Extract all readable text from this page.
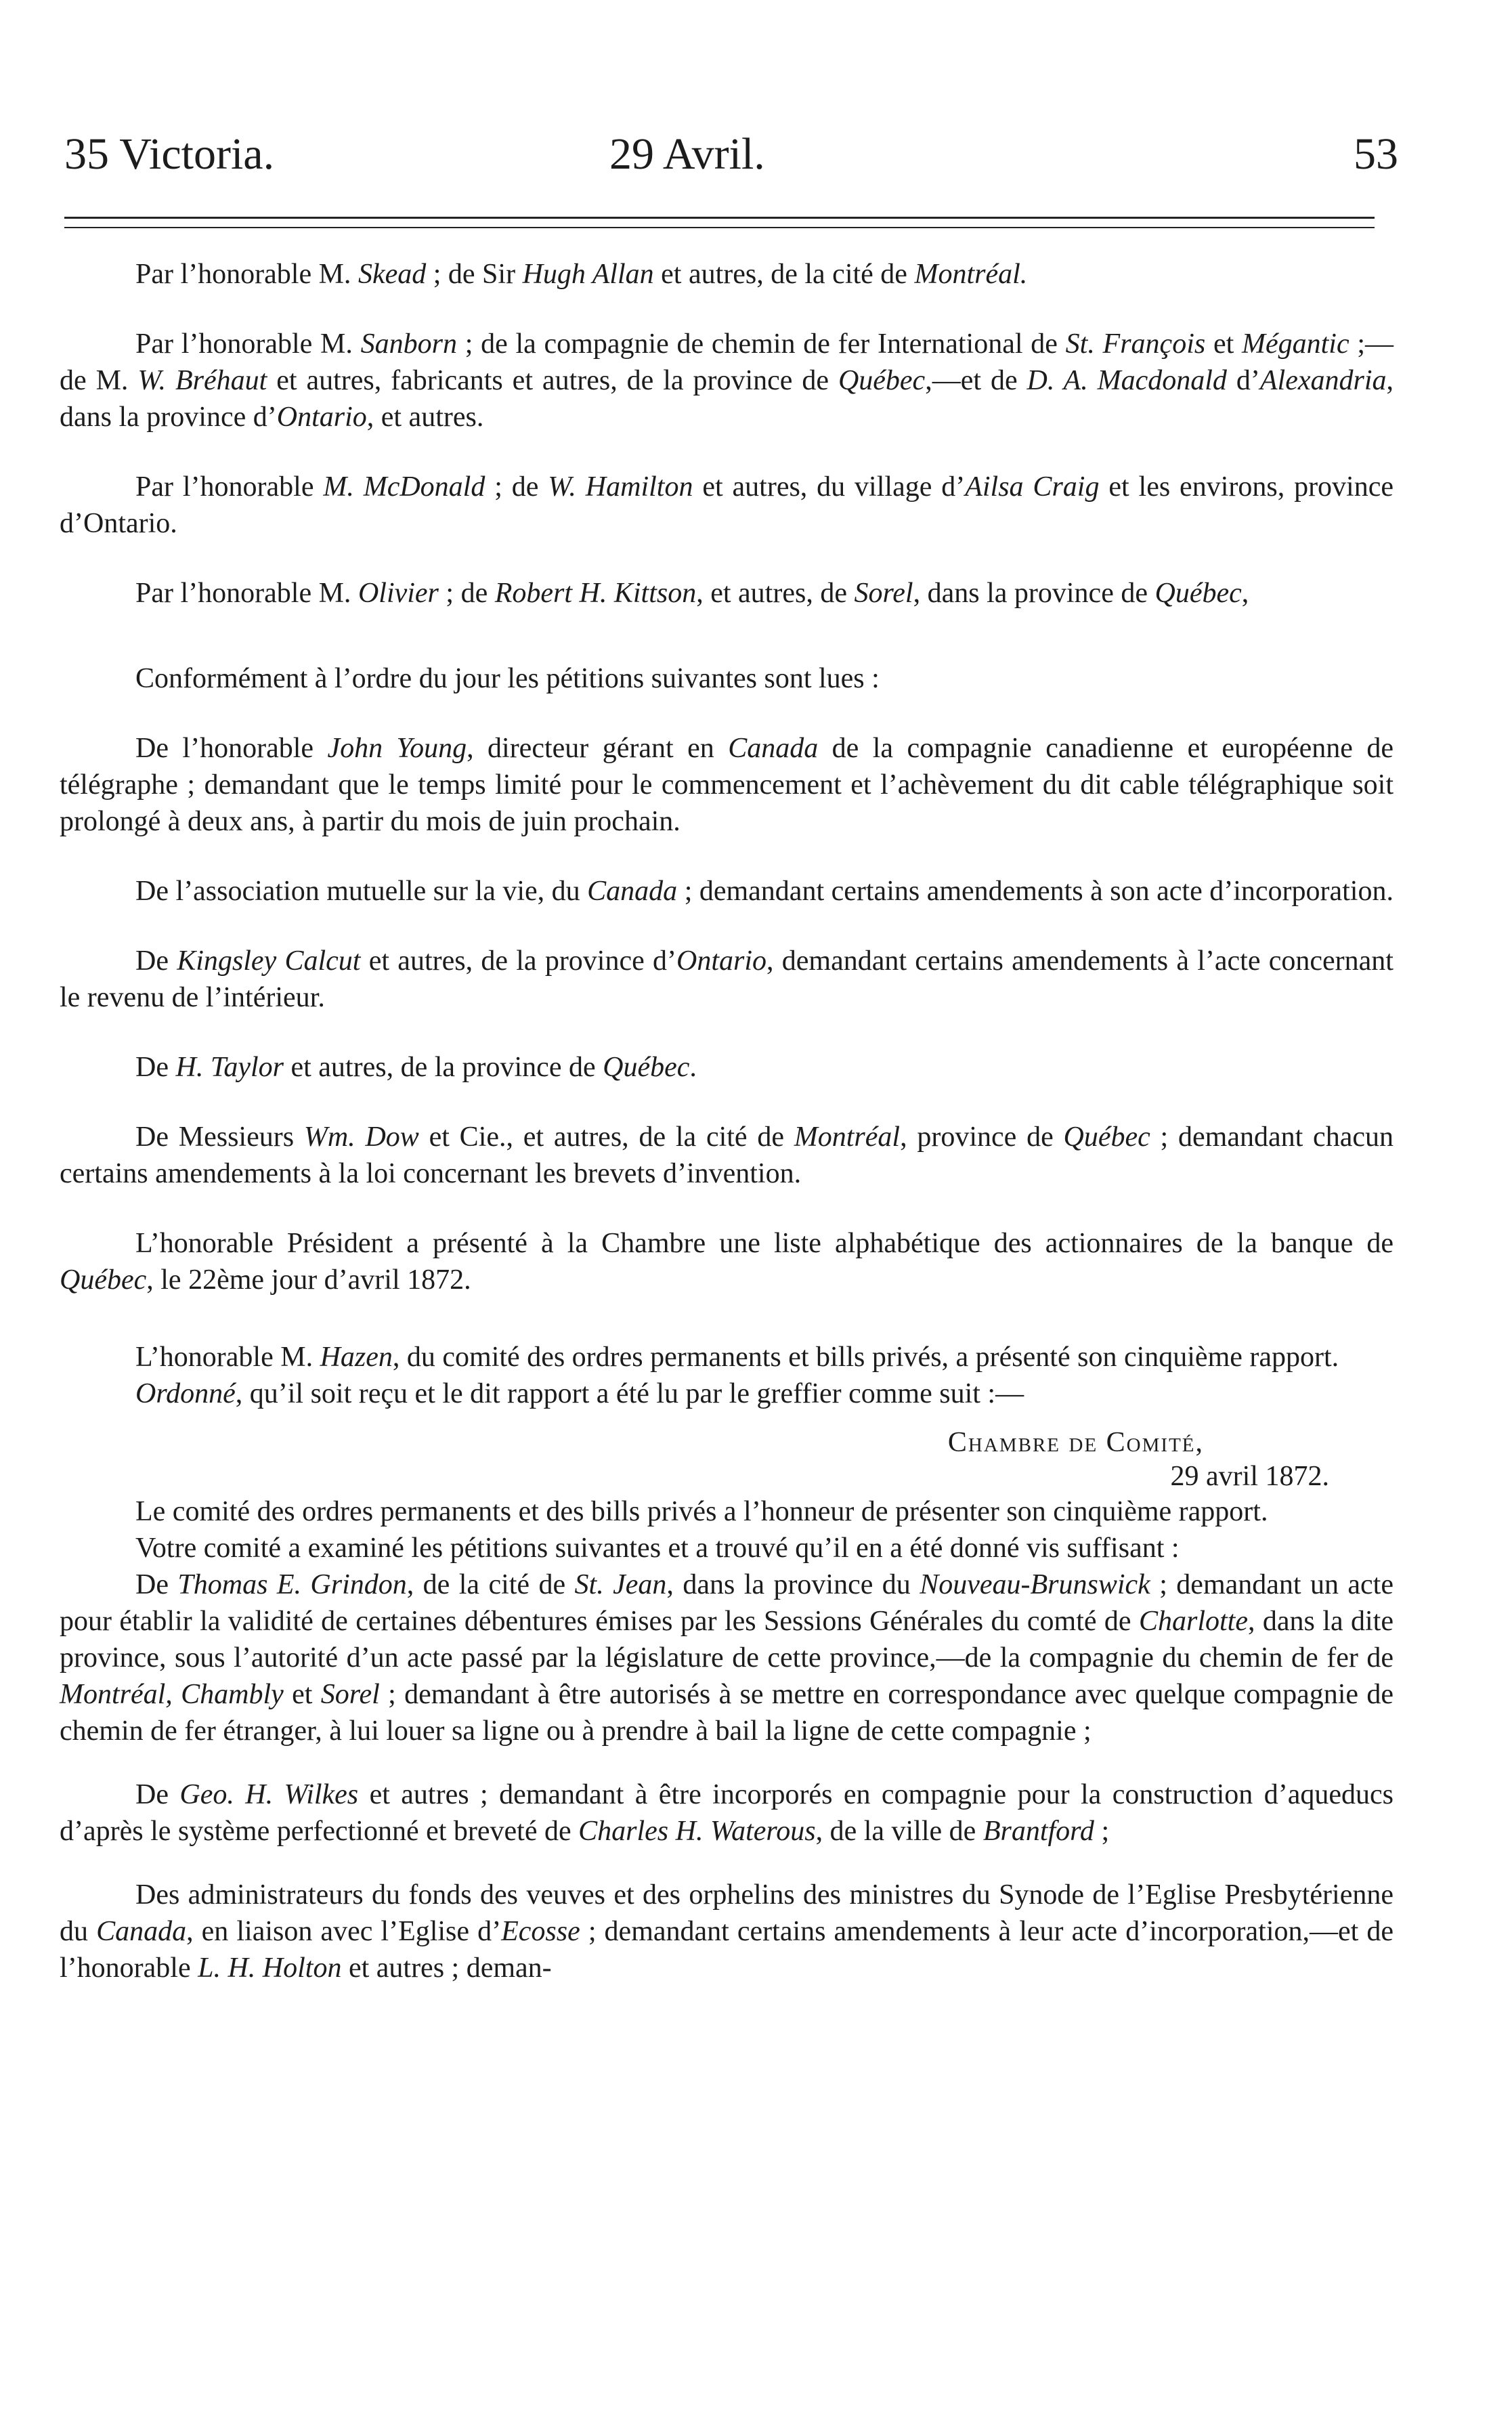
35 Victoria.	29 Avril.	53

Par l’honorable M. Skead ; de Sir Hugh Allan et autres, de la cité de Montréal.

Par l’honorable M. Sanborn ; de la compagnie de chemin de fer International de St. François et Mégantic ;—de M. W. Bréhaut et autres, fabricants et autres, de la province de Québec,—et de D. A. Macdonald d’Alexandria, dans la province d’Ontario, et autres.

Par l’honorable M. McDonald ; de W. Hamilton et autres, du village d’Ailsa Craig et les environs, province d’Ontario.

Par l’honorable M. Olivier ; de Robert H. Kittson, et autres, de Sorel, dans la province de Québec,

Conformément à l’ordre du jour les pétitions suivantes sont lues :

De l’honorable John Young, directeur gérant en Canada de la compagnie canadienne et européenne de télégraphe ; demandant que le temps limité pour le commencement et l’achèvement du dit cable télégraphique soit prolongé à deux ans, à partir du mois de juin prochain.

De l’association mutuelle sur la vie, du Canada ; demandant certains amendements à son acte d’incorporation.

De Kingsley Calcut et autres, de la province d’Ontario, demandant certains amendements à l’acte concernant le revenu de l’intérieur.

De H. Taylor et autres, de la province de Québec.

De Messieurs Wm. Dow et Cie., et autres, de la cité de Montréal, province de Québec ; demandant chacun certains amendements à la loi concernant les brevets d’invention.

L’honorable Président a présenté à la Chambre une liste alphabétique des actionnaires de la banque de Québec, le 22ème jour d’avril 1872.

L’honorable M. Hazen, du comité des ordres permanents et bills privés, a présenté son cinquième rapport.

Ordonné, qu’il soit reçu et le dit rapport a été lu par le greffier comme suit :—

Chambre de Comité,
29 avril 1872.

Le comité des ordres permanents et des bills privés a l’honneur de présenter son cinquième rapport.

Votre comité a examiné les pétitions suivantes et a trouvé qu’il en a été donné vis suffisant :

De Thomas E. Grindon, de la cité de St. Jean, dans la province du Nouveau-Brunswick ; demandant un acte pour établir la validité de certaines débentures émises par les Sessions Générales du comté de Charlotte, dans la dite province, sous l’autorité d’un acte passé par la législature de cette province,—de la compagnie du chemin de fer de Montréal, Chambly et Sorel ; demandant à être autorisés à se mettre en correspondance avec quelque compagnie de chemin de fer étranger, à lui louer sa ligne ou à prendre à bail la ligne de cette compagnie ;

De Geo. H. Wilkes et autres ; demandant à être incorporés en compagnie pour la construction d’aqueducs d’après le système perfectionné et breveté de Charles H. Waterous, de la ville de Brantford ;

Des administrateurs du fonds des veuves et des orphelins des ministres du Synode de l’Eglise Presbytérienne du Canada, en liaison avec l’Eglise d’Ecosse ; demandant certains amendements à leur acte d’incorporation,—et de l’honorable L. H. Holton et autres ; deman-
